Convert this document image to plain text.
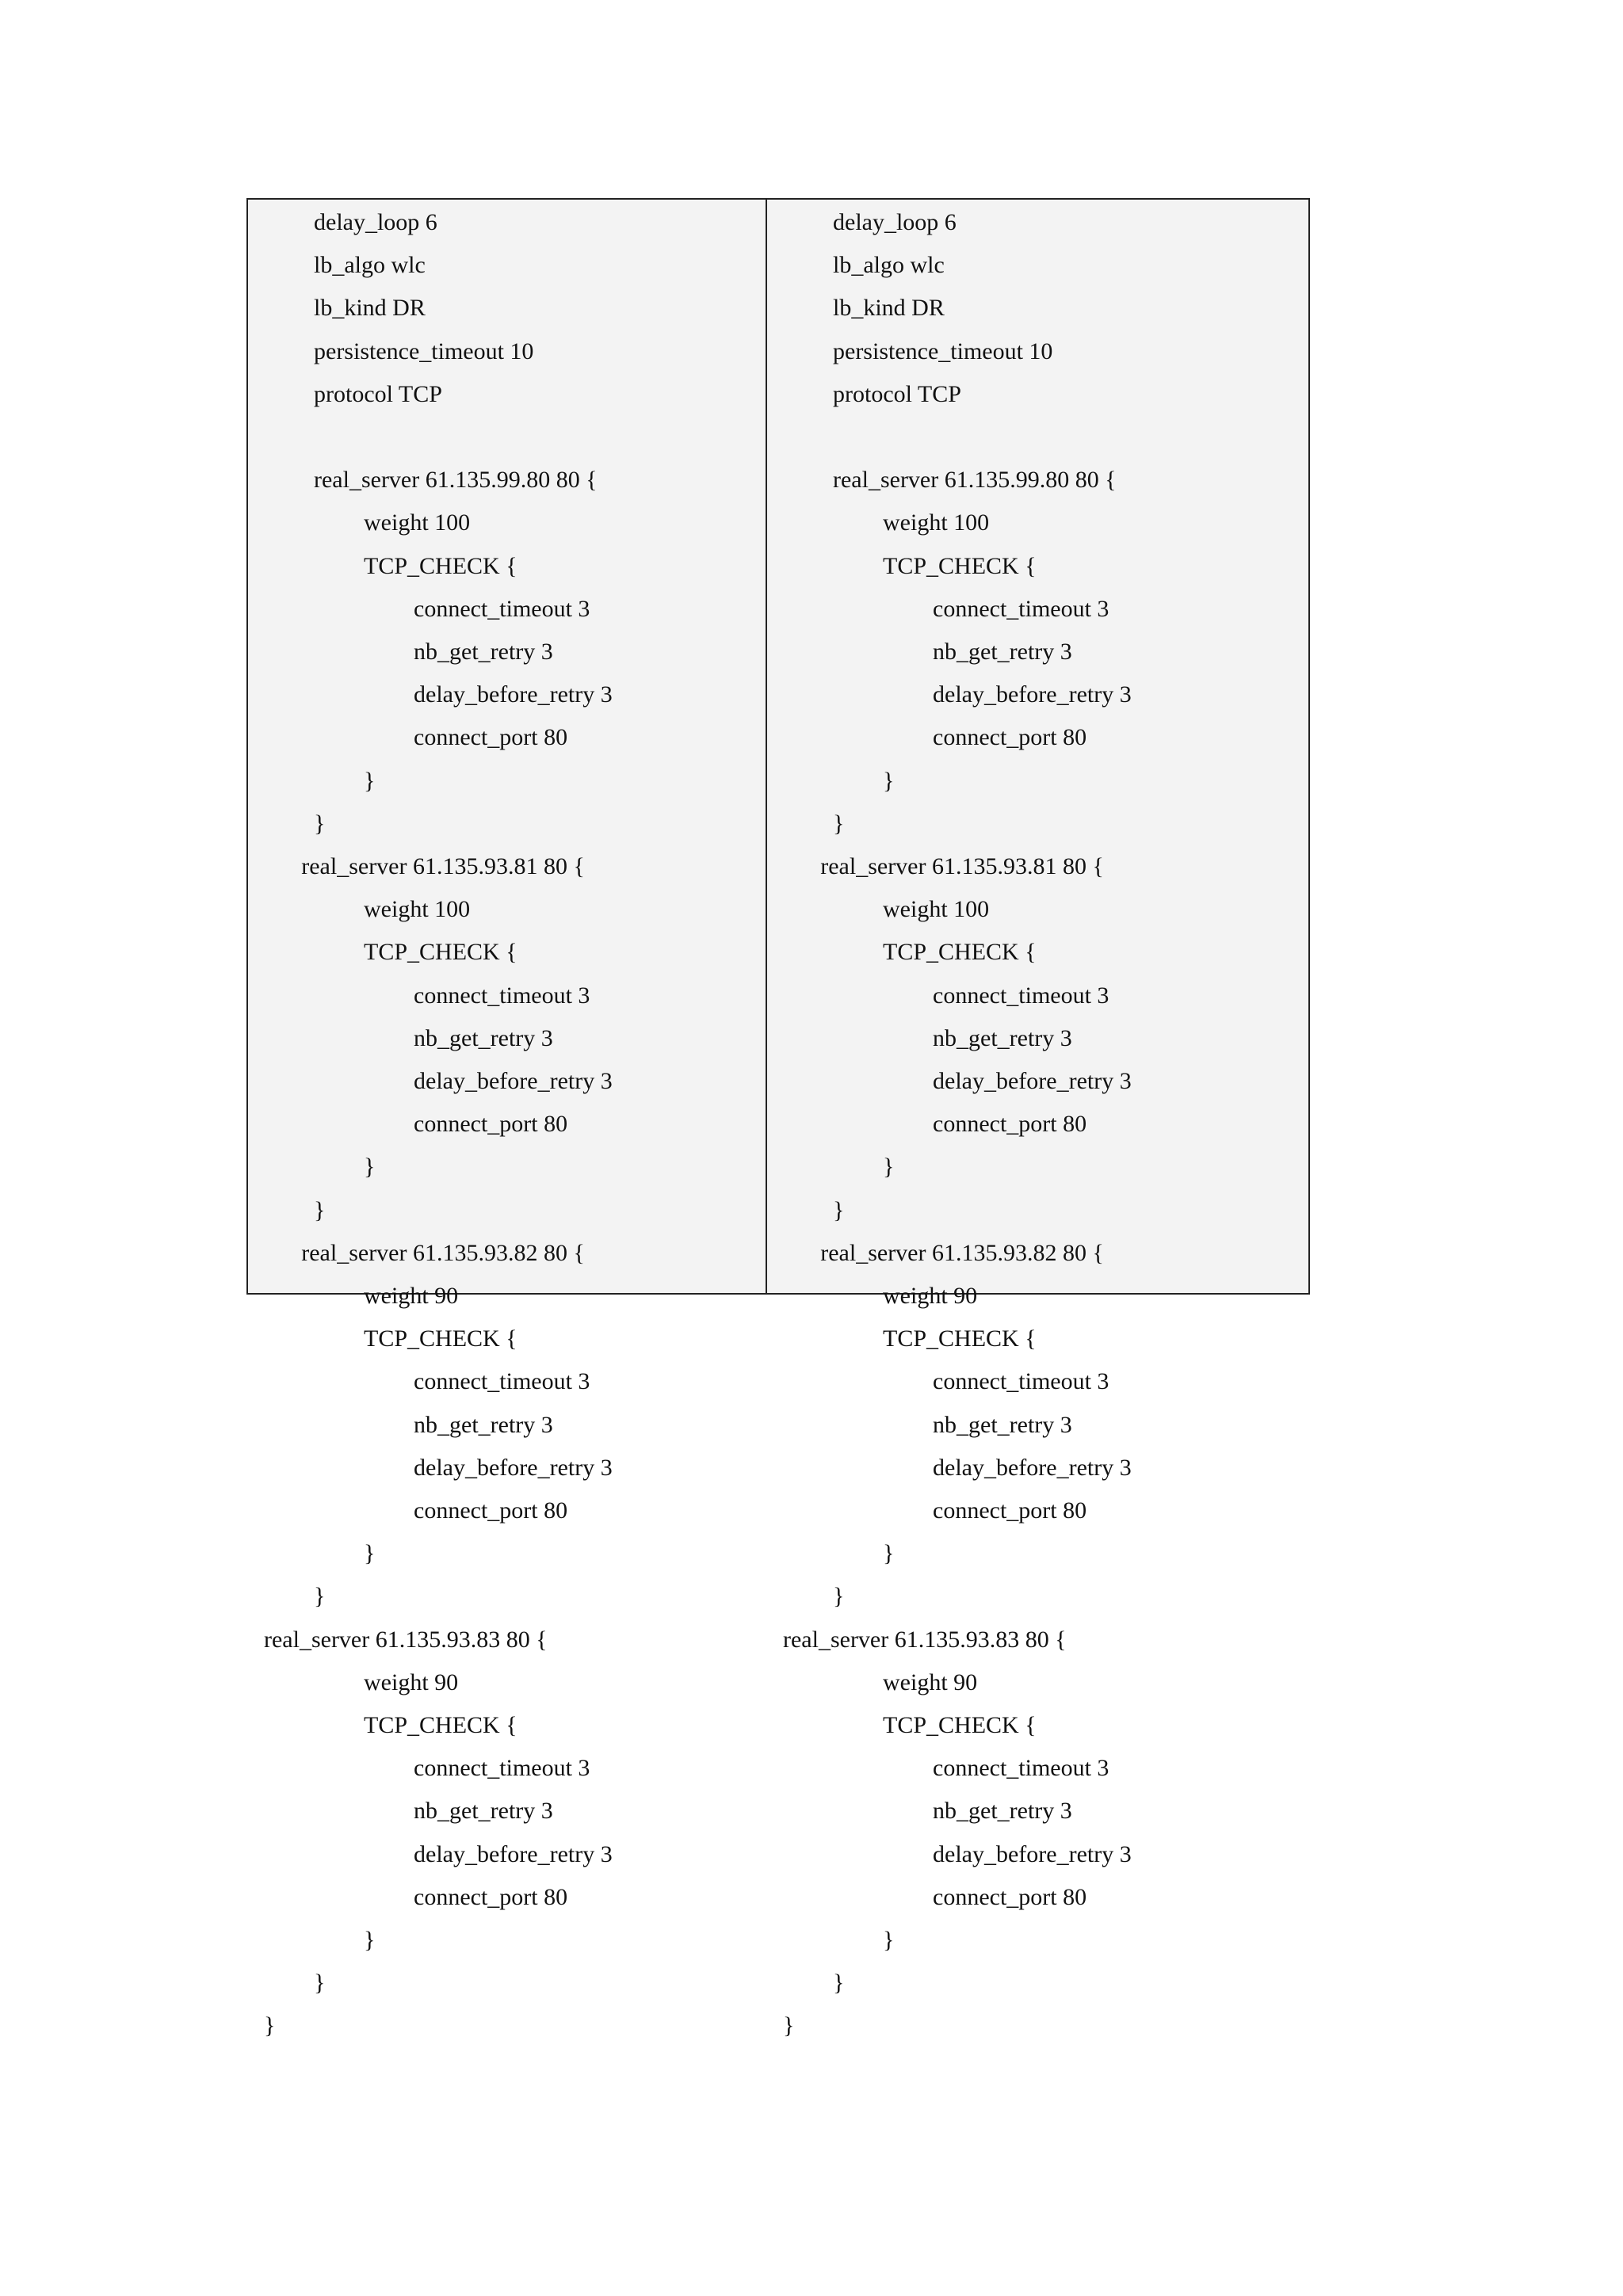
delay_loop 6
lb_algo wlc
lb_kind DR
persistence_timeout 10
protocol TCP
real_server 61.135.99.80 80 {
weight 100
TCP_CHECK {
connect_timeout 3
nb_get_retry 3
delay_before_retry 3
connect_port 80
}
}
real_server 61.135.93.81 80 {
weight 100
TCP_CHECK {
connect_timeout 3
nb_get_retry 3
delay_before_retry 3
connect_port 80
}
}
real_server 61.135.93.82 80 {
weight 90
TCP_CHECK {
connect_timeout 3
nb_get_retry 3
delay_before_retry 3
connect_port 80
}
}
real_server 61.135.93.83 80 {
weight 90
TCP_CHECK {
connect_timeout 3
nb_get_retry 3
delay_before_retry 3
connect_port 80
}
}
}
delay_loop 6
lb_algo wlc
lb_kind DR
persistence_timeout 10
protocol TCP
real_server 61.135.99.80 80 {
weight 100
TCP_CHECK {
connect_timeout 3
nb_get_retry 3
delay_before_retry 3
connect_port 80
}
}
real_server 61.135.93.81 80 {
weight 100
TCP_CHECK {
connect_timeout 3
nb_get_retry 3
delay_before_retry 3
connect_port 80
}
}
real_server 61.135.93.82 80 {
weight 90
TCP_CHECK {
connect_timeout 3
nb_get_retry 3
delay_before_retry 3
connect_port 80
}
}
real_server 61.135.93.83 80 {
weight 90
TCP_CHECK {
connect_timeout 3
nb_get_retry 3
delay_before_retry 3
connect_port 80
}
}
}
